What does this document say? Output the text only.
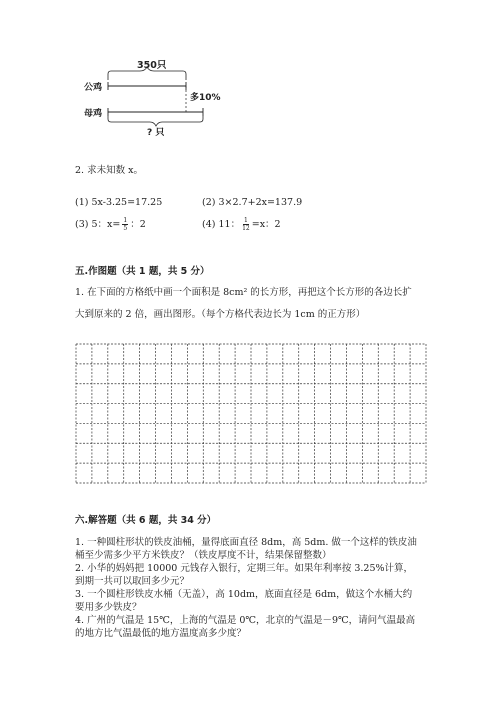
350只
公鸡
母鸡
多10%
? 只
2. 求未知数 x。
(1) 5x-3.25=17.25	(2) 3×2.7+2x=137.9
(3) 5：$x= \frac{1}{5}$ ：2	(4) 11： $\frac{1}{12} =x$：2
五.作图题（共 1 题，共 5 分）
1. 在下面的方格纸中画一个面积是 8cm² 的长方形，再把这个长方形的各边长扩
大到原来的 2 倍，画出图形。（每个方格代表边长为 1cm 的正方形）
六.解答题（共 6 题，共 34 分）
1. 一种圆柱形状的铁皮油桶，量得底面直径 8dm，高 5dm. 做一个这样的铁皮油
桶至少需多少平方米铁皮？（铁皮厚度不计，结果保留整数）
2. 小华的妈妈把 10000 元钱存入银行，定期三年。如果年利率按 3.25%计算，
到期一共可以取回多少元？
3. 一个圆柱形铁皮水桶（无盖），高 10dm，底面直径是 6dm，做这个水桶大约
要用多少铁皮？
4. 广州的气温是 15℃，上海的气温是 0℃，北京的气温是－9℃，请问气温最高
的地方比气温最低的地方温度高多少度？
